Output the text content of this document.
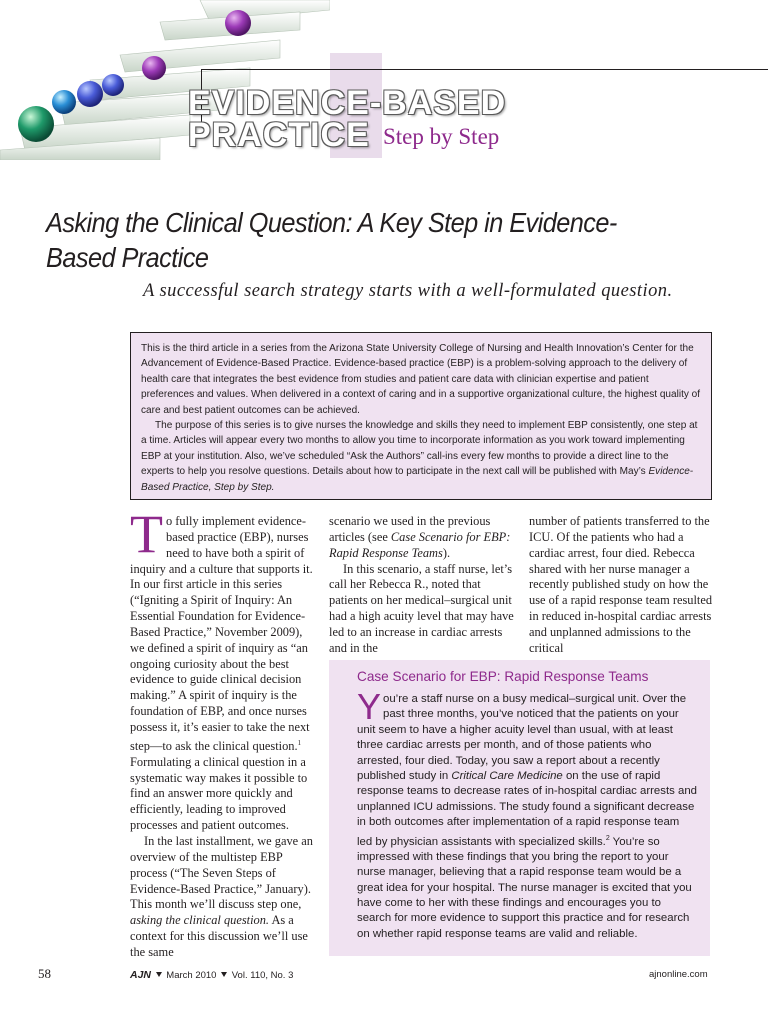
EVIDENCE-BASED
PRACTICE Step by Step
Asking the Clinical Question: A Key Step in Evidence-Based Practice
A successful search strategy starts with a well-formulated question.

This is the third article in a series from the Arizona State University College of Nursing and Health Innovation’s Center for the Advancement of Evidence-Based Practice. Evidence-based practice (EBP) is a problem-solving approach to the delivery of health care that integrates the best evidence from studies and patient care data with clinician expertise and patient preferences and values. When delivered in a context of caring and in a supportive organizational culture, the highest quality of care and best patient outcomes can be achieved.

The purpose of this series is to give nurses the knowledge and skills they need to implement EBP consistently, one step at a time. Articles will appear every two months to allow you time to incorporate information as you work toward implementing EBP at your institution. Also, we’ve scheduled “Ask the Authors” call-ins every few months to provide a direct line to the experts to help you resolve questions. Details about how to participate in the next call will be published with May’s Evidence-Based Practice, Step by Step.

To fully implement evidence-based practice (EBP), nurses need to have both a spirit of inquiry and a culture that supports it. In our first article in this series (“Igniting a Spirit of Inquiry: An Essential Foundation for Evidence-Based Practice,” November 2009), we defined a spirit of inquiry as “an ongoing curiosity about the best evidence to guide clinical decision making.” A spirit of inquiry is the foundation of EBP, and once nurses possess it, it’s easier to take the next step—to ask the clinical question.$^1$ Formulating a clinical question in a systematic way makes it possible to find an answer more quickly and efficiently, leading to improved processes and patient outcomes.

In the last installment, we gave an overview of the multistep EBP process (“The Seven Steps of Evidence-Based Practice,” January). This month we’ll discuss step one, asking the clinical question. As a context for this discussion we’ll use the same

scenario we used in the previous articles (see Case Scenario for EBP: Rapid Response Teams).

In this scenario, a staff nurse, let’s call her Rebecca R., noted that patients on her medical–surgical unit had a high acuity level that may have led to an increase in cardiac arrests and in the

number of patients transferred to the ICU. Of the patients who had a cardiac arrest, four died. Rebecca shared with her nurse manager a recently published study on how the use of a rapid response team resulted in reduced in-hospital cardiac arrests and unplanned admissions to the critical

Case Scenario for EBP: Rapid Response Teams
You’re a staff nurse on a busy medical–surgical unit. Over the past three months, you’ve noticed that the patients on your unit seem to have a higher acuity level than usual, with at least three cardiac arrests per month, and of those patients who arrested, four died. Today, you saw a report about a recently published study in Critical Care Medicine on the use of rapid response teams to decrease rates of in-hospital cardiac arrests and unplanned ICU admissions. The study found a significant decrease in both outcomes after implementation of a rapid response team led by physician assistants with specialized skills.$^2$ You’re so impressed with these findings that you bring the report to your nurse manager, believing that a rapid response team would be a great idea for your hospital. The nurse manager is excited that you have come to her with these findings and encourages you to search for more evidence to support this practice and for research on whether rapid response teams are valid and reliable.
58	AJN March 2010 Vol. 110, No. 3	ajnonline.com
